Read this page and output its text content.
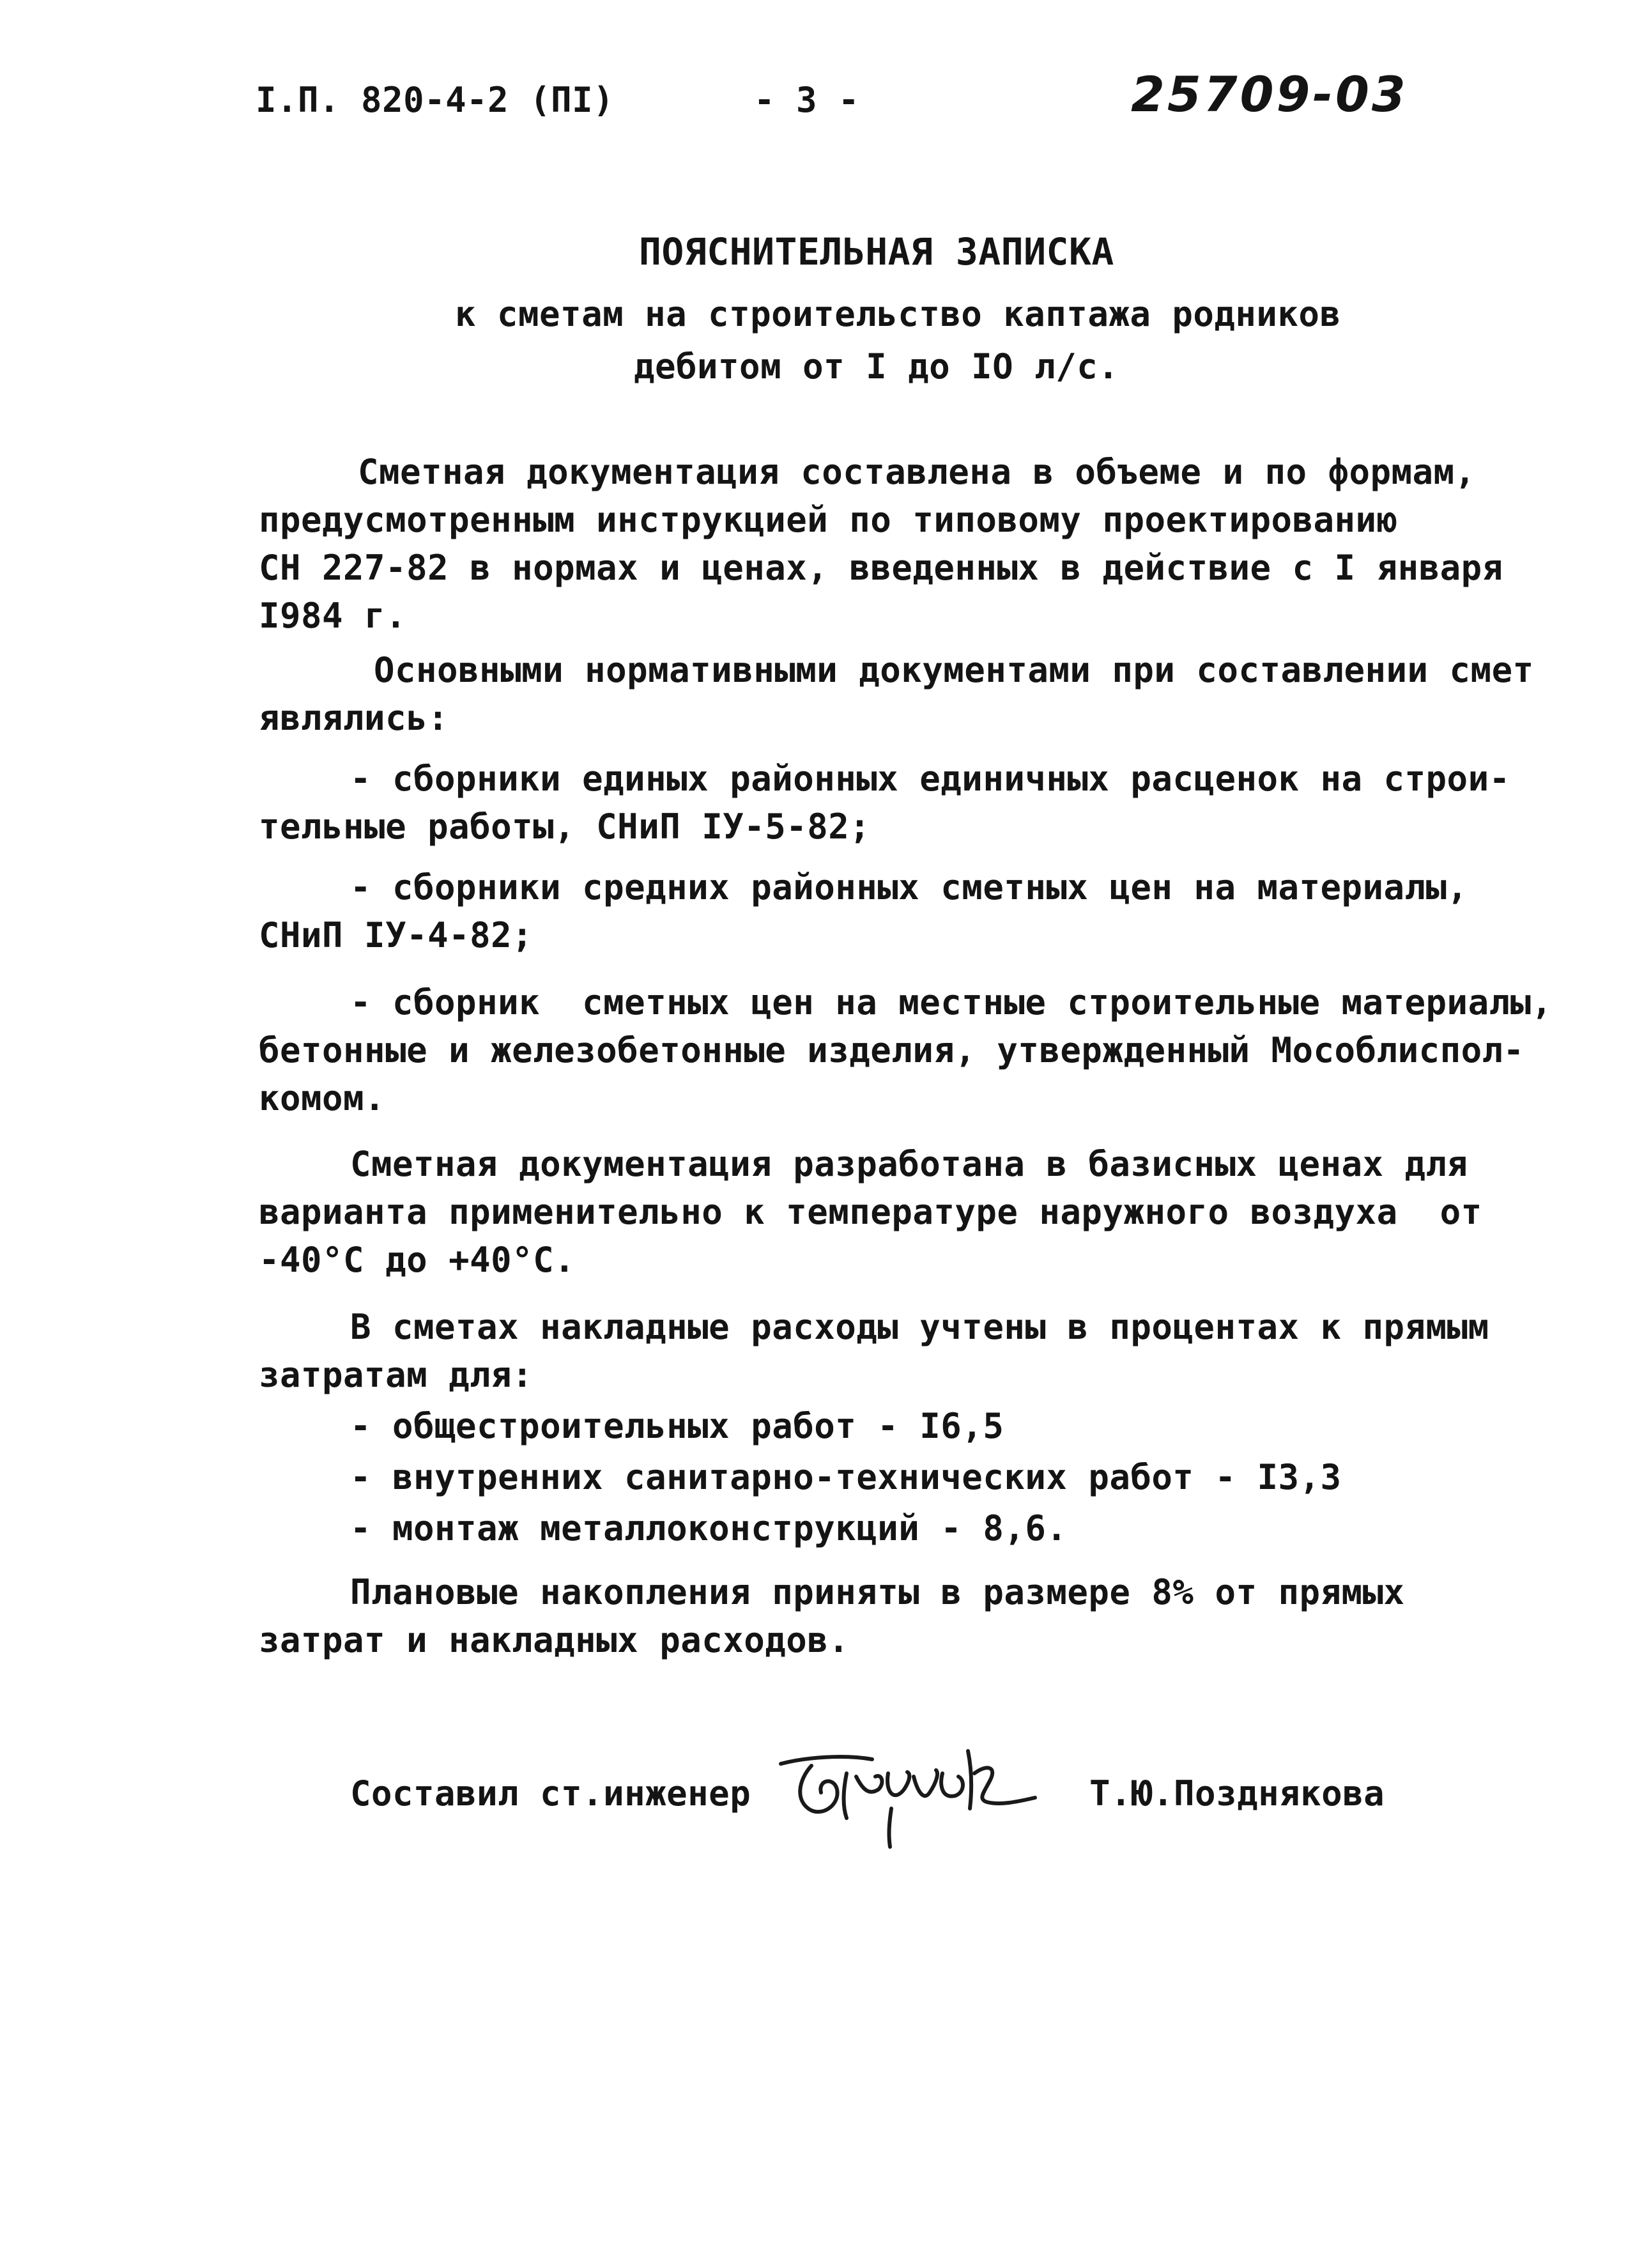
I.П. 820-4-2 (ПI)	- 3 -	25709-03
ПОЯСНИТЕЛЬНАЯ ЗАПИСКА
к сметам на строительство каптажа родников
дебитом от I до IO л/с.
Сметная документация составлена в объеме и по формам,
предусмотренным инструкцией по типовому проектированию
СН 227-82 в нормах и ценах, введенных в действие с I января
I984 г.
Основными нормативными документами при составлении смет
являлись:
- сборники единых районных единичных расценок на строи-
тельные работы, СНиП IУ-5-82;
- сборники средних районных сметных цен на материалы,
СНиП IУ-4-82;
- сборник  сметных цен на местные строительные материалы,
бетонные и железобетонные изделия, утвержденный Мособлиспол-
комом.
Сметная документация разработана в базисных ценах для
варианта применительно к температуре наружного воздуха  от
-40°С до +40°С.
В сметах накладные расходы учтены в процентах к прямым
затратам для:
- общестроительных работ - I6,5
- внутренних санитарно-технических работ - I3,3
- монтаж металлоконструкций - 8,6.
Плановые накопления приняты в размере 8% от прямых
затрат и накладных расходов.
Составил ст.инженер	Т.Ю.Позднякова
